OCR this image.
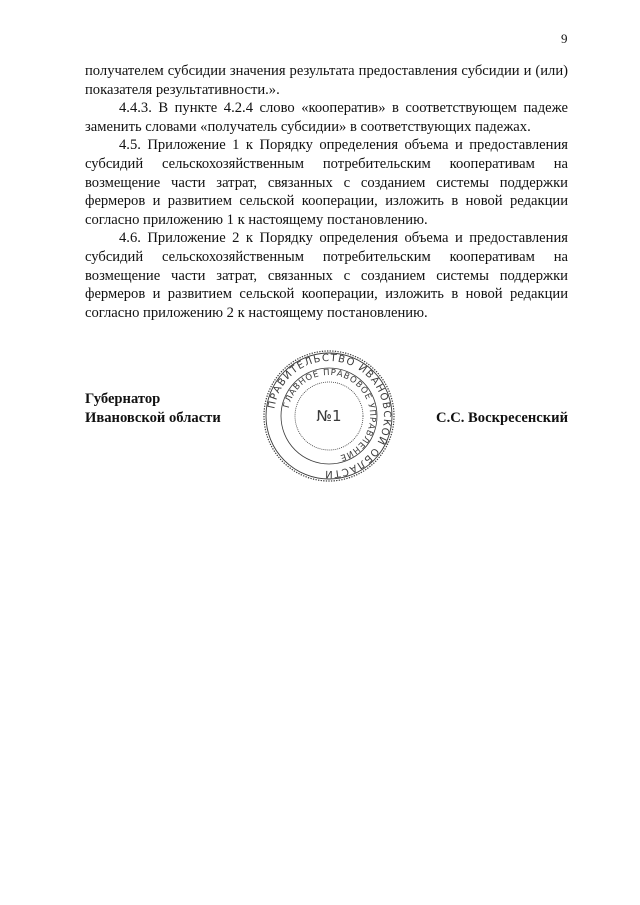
9

получателем субсидии значения результата предоставления субсидии и (или) показателя результативности.».

4.4.3. В пункте 4.2.4 слово «кооператив» в соответствующем падеже заменить словами «получатель субсидии» в соответствующих падежах.

4.5. Приложение 1 к Порядку определения объема и предоставления субсидий сельскохозяйственным потребительским кооперативам на возмещение части затрат, связанных с созданием системы поддержки фермеров и развитием сельской кооперации, изложить в новой редакции согласно приложению 1 к настоящему постановлению.

4.6. Приложение 2 к Порядку определения объема и предоставления субсидий сельскохозяйственным потребительским кооперативам на возмещение части затрат, связанных с созданием системы поддержки фермеров и развитием сельской кооперации, изложить в новой редакции согласно приложению 2 к настоящему постановлению.

Губернатор
Ивановской области	С.С. Воскресенский
ПРАВИТЕЛЬСТВО ИВАНОВСКОЙ ОБЛАСТИ
ГЛАВНОЕ ПРАВОВОЕ УПРАВЛЕНИЕ
№1
